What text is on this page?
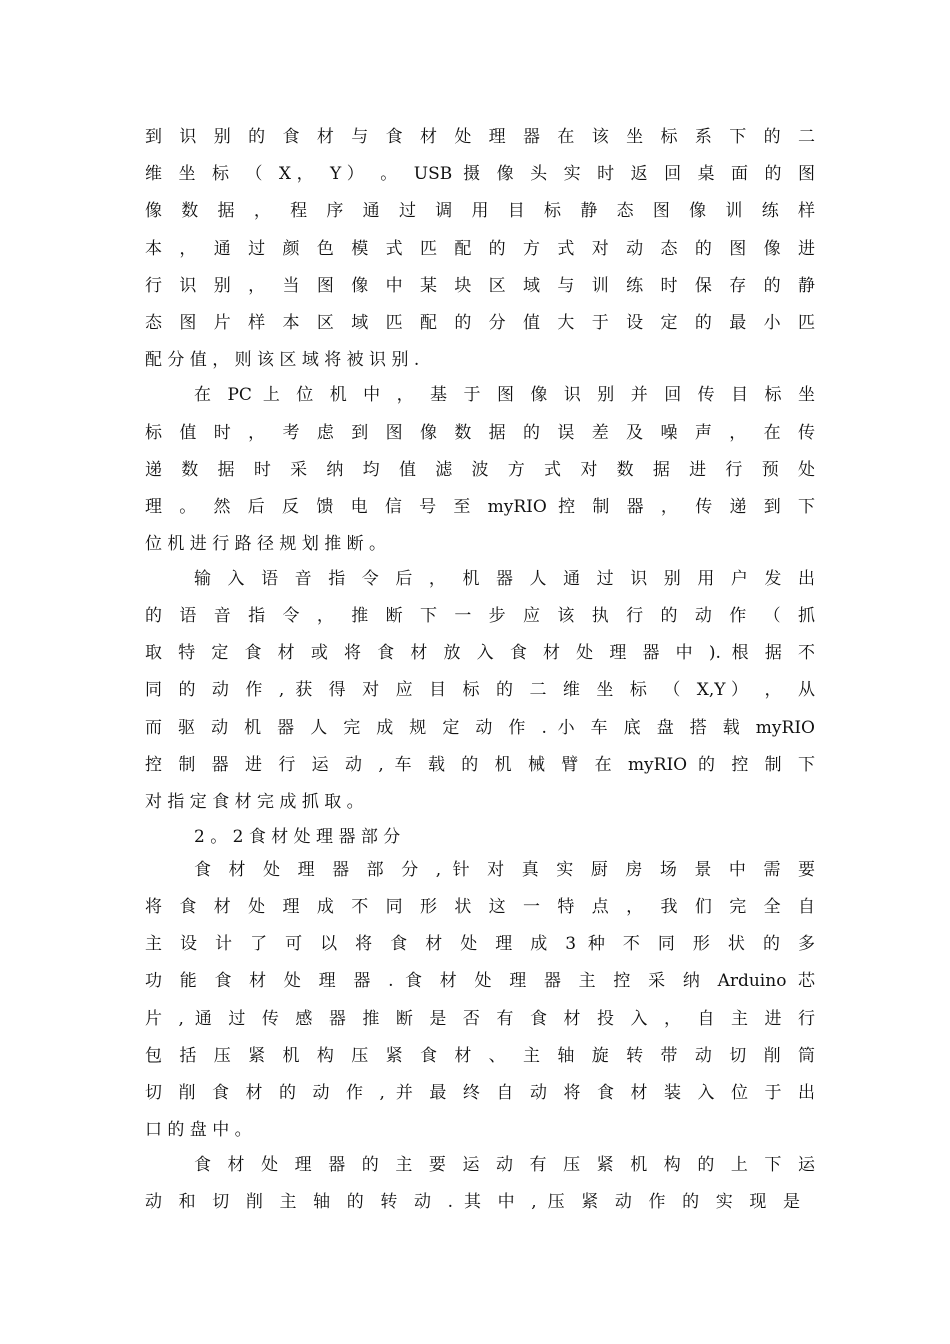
到 识 别 的 食 材 与 食 材 处 理 器 在 该 坐 标 系 下 的 二
维 坐 标 （ X， Y） 。 USB 摄 像 头 实 时 返 回 桌 面 的 图
像 数 据 ， 程 序 通 过 调 用 目 标 静 态 图 像 训 练 样
本 ， 通 过 颜 色 模 式 匹 配 的 方 式 对 动 态 的 图 像 进
行 识 别 ， 当 图 像 中 某 块 区 域 与 训 练 时 保 存 的 静
态 图 片 样 本 区 域 匹 配 的 分 值 大 于 设 定 的 最 小 匹
配 分 值 ， 则 该 区 域 将 被 识 别 .
在 PC 上 位 机 中 ， 基 于 图 像 识 别 并 回 传 目 标 坐
标 值 时 ， 考 虑 到 图 像 数 据 的 误 差 及 噪 声 ， 在 传
递 数 据 时 采 纳 均 值 滤 波 方 式 对 数 据 进 行 预 处
理 。 然 后 反 馈 电 信 号 至 myRIO 控 制 器 ， 传 递 到 下
位 机 进 行 路 径 规 划 推 断 。
输 入 语 音 指 令 后 ， 机 器 人 通 过 识 别 用 户 发 出
的 语 音 指 令 ， 推 断 下 一 步 应 该 执 行 的 动 作 （ 抓
取 特 定 食 材 或 将 食 材 放 入 食 材 处 理 器 中 ). 根 据 不
同 的 动 作 , 获 得 对 应 目 标 的 二 维 坐 标 （ X,Y） ， 从
而 驱 动 机 器 人 完 成 规 定 动 作 . 小 车 底 盘 搭 载 myRIO
控 制 器 进 行 运 动 , 车 载 的 机 械 臂 在 myRIO 的 控 制 下
对 指 定 食 材 完 成 抓 取 。
2 。 2 食 材 处 理 器 部 分
食 材 处 理 器 部 分 , 针 对 真 实 厨 房 场 景 中 需 要
将 食 材 处 理 成 不 同 形 状 这 一 特 点 ， 我 们 完 全 自
主 设 计 了 可 以 将 食 材 处 理 成 3 种 不 同 形 状 的 多
功 能 食 材 处 理 器 . 食 材 处 理 器 主 控 采 纳 Arduino 芯
片 , 通 过 传 感 器 推 断 是 否 有 食 材 投 入 ， 自 主 进 行
包 括 压 紧 机 构 压 紧 食 材 、 主 轴 旋 转 带 动 切 削 筒
切 削 食 材 的 动 作 , 并 最 终 自 动 将 食 材 装 入 位 于 出
口 的 盘 中 。
食 材 处 理 器 的 主 要 运 动 有 压 紧 机 构 的 上 下 运
动 和 切 削 主 轴 的 转 动 . 其 中 , 压 紧 动 作 的 实 现 是
